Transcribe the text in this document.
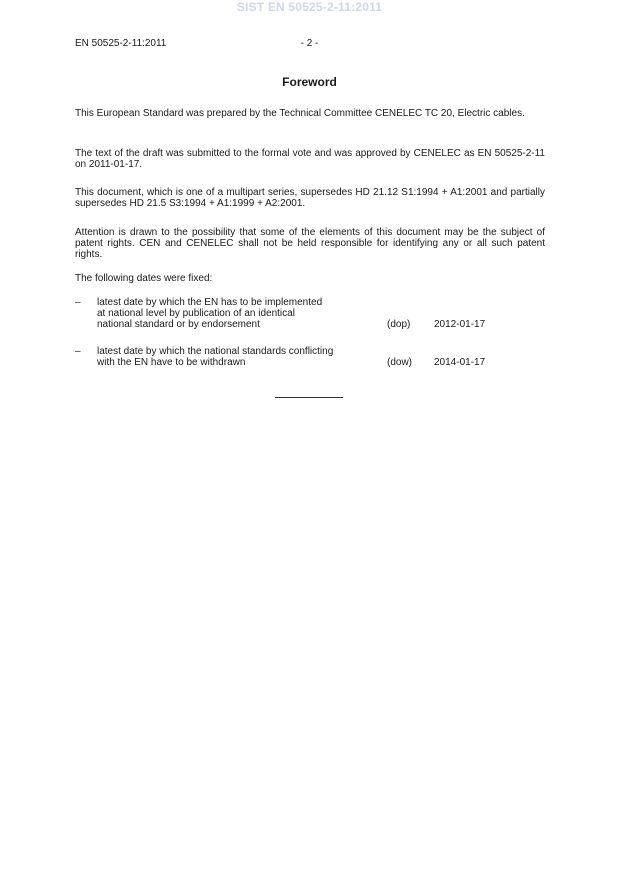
SIST EN 50525-2-11:2011
EN 50525-2-11:2011	- 2 -
Foreword
This European Standard was prepared by the Technical Committee CENELEC TC 20, Electric cables.
The text of the draft was submitted to the formal vote and was approved by CENELEC as EN 50525-2-11 on 2011-01-17.
This document, which is one of a multipart series, supersedes HD 21.12 S1:1994 + A1:2001 and partially supersedes HD 21.5 S3:1994 + A1:1999 + A2:2001.
Attention is drawn to the possibility that some of the elements of this document may be the subject of patent rights. CEN and CENELEC shall not be held responsible for identifying any or all such patent rights.
The following dates were fixed:
– latest date by which the EN has to be implemented
at national level by publication of an identical
national standard or by endorsement	(dop) 2012-01-17
– latest date by which the national standards conflicting
with the EN have to be withdrawn	(dow) 2014-01-17
